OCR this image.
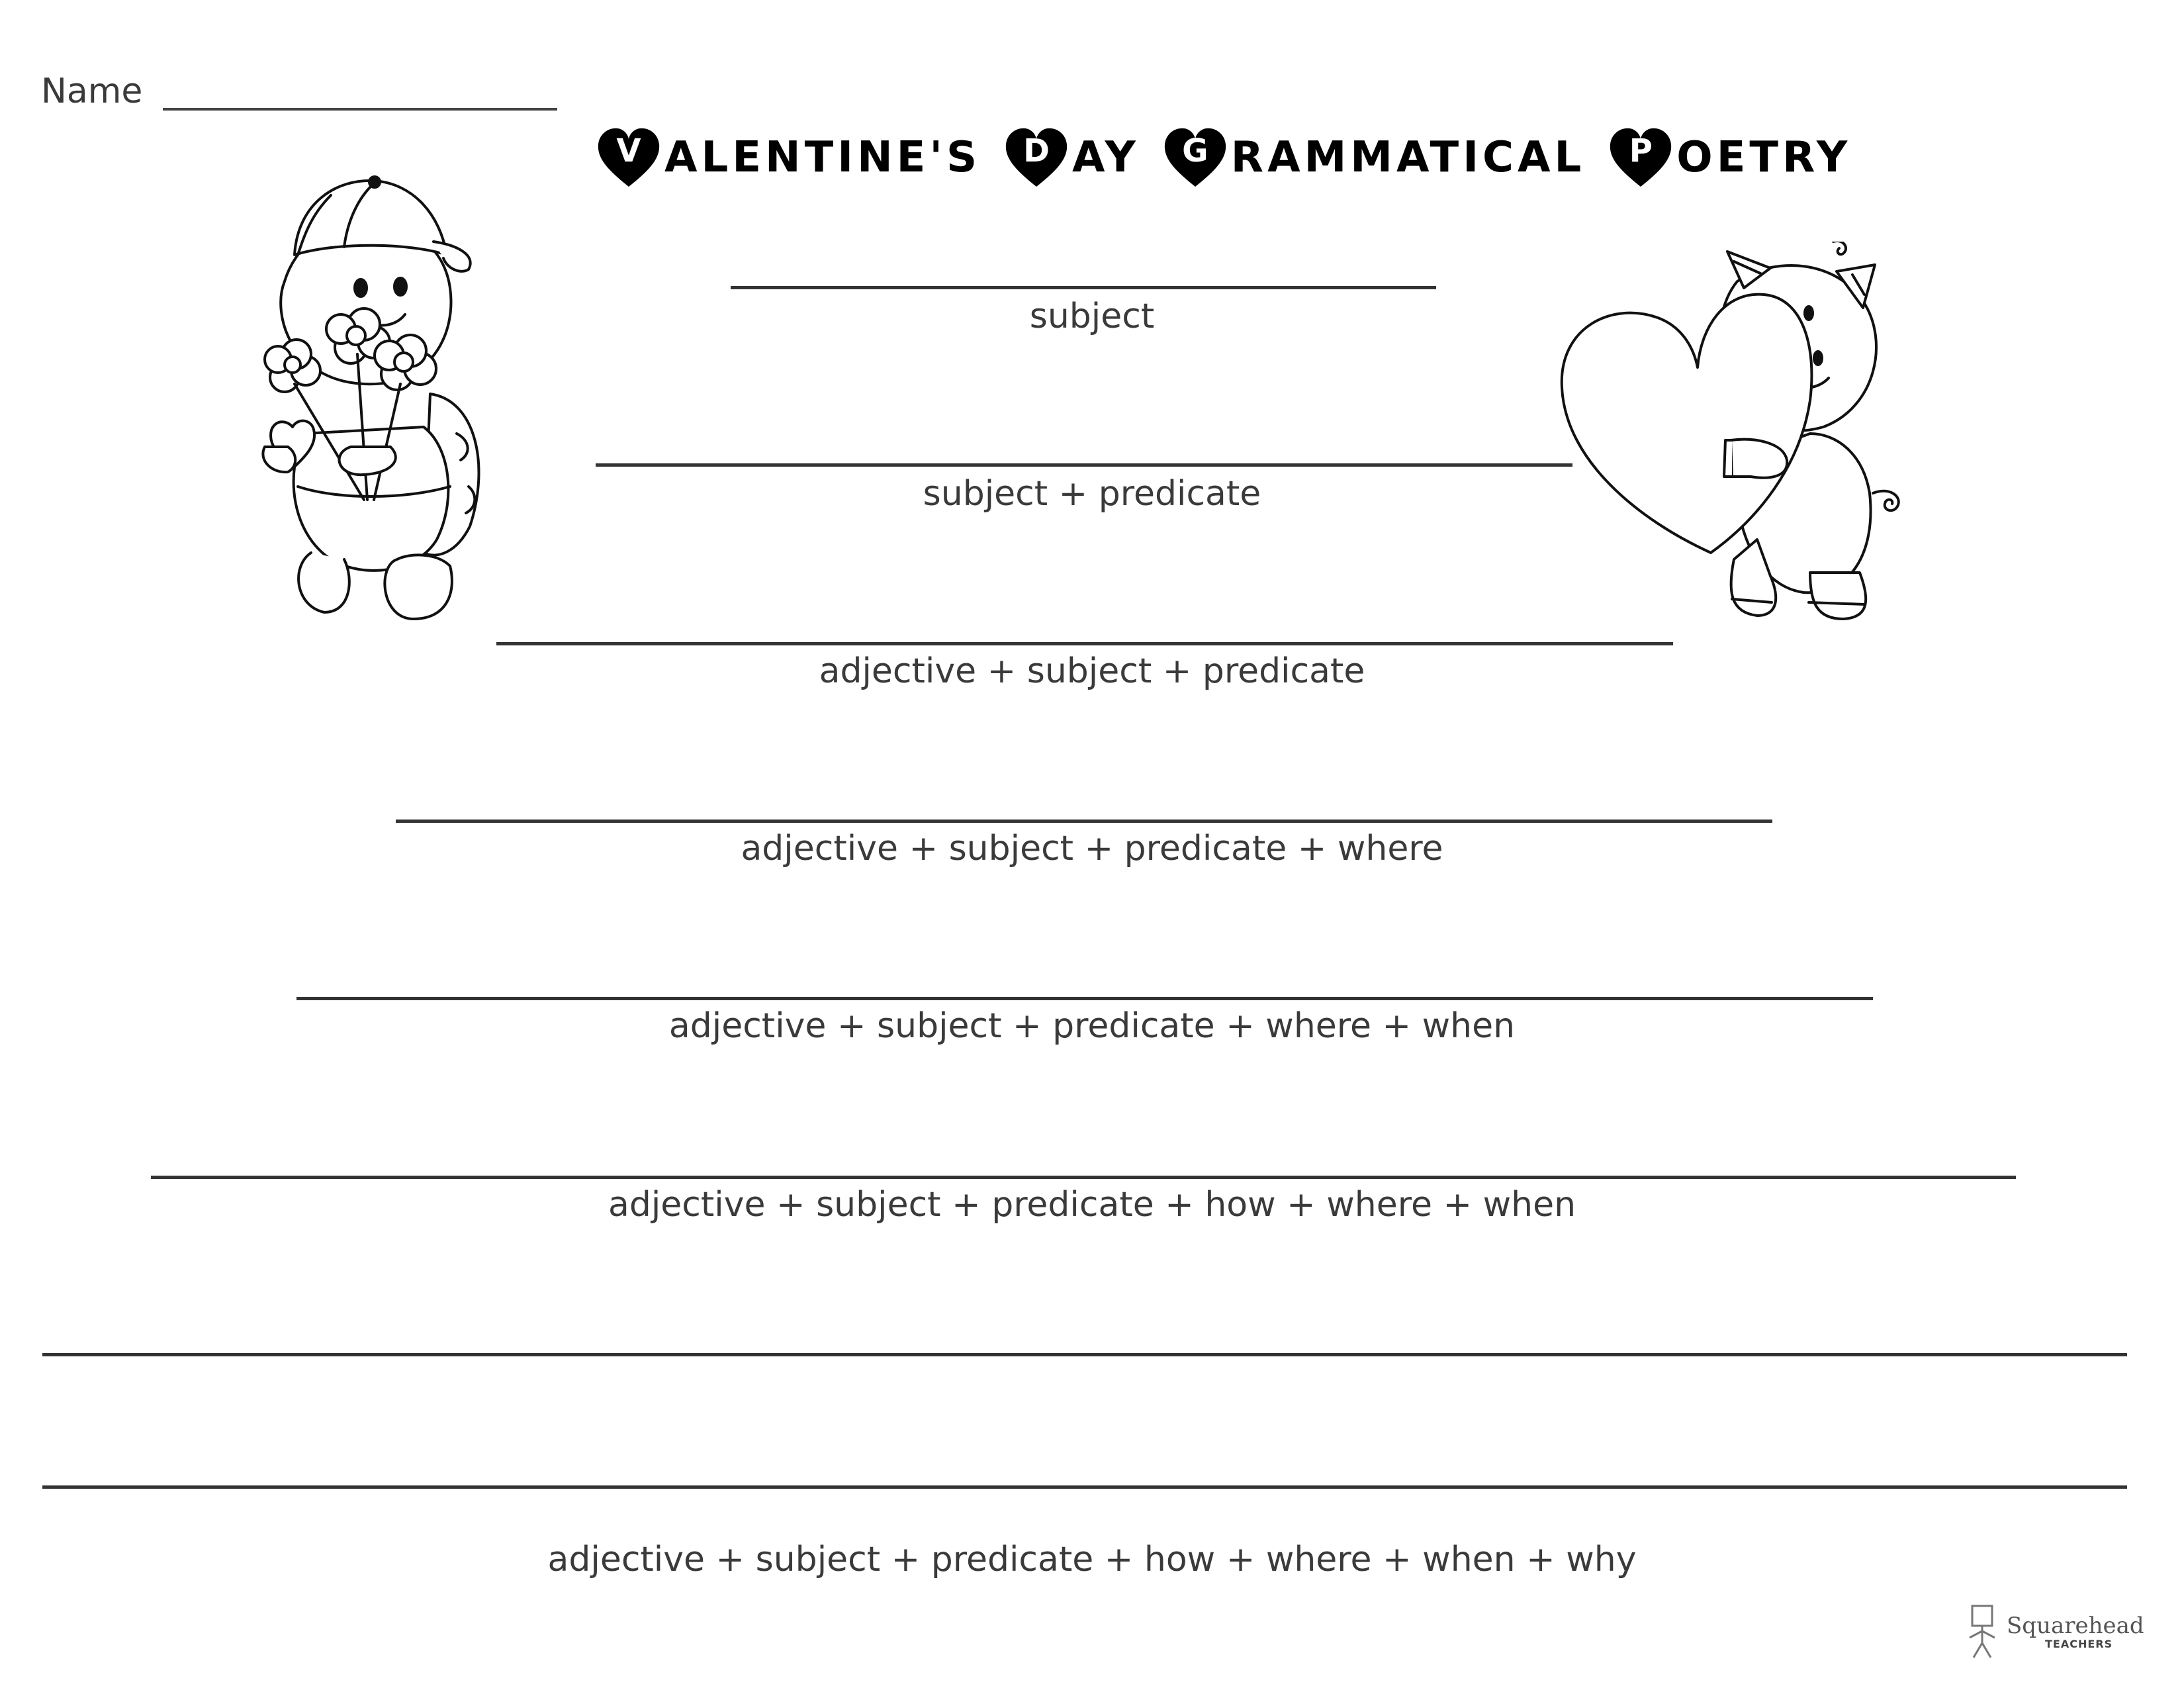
Name
V ALENTINE'S	D AY	G RAMMATICAL	P OETRY
subject
subject + predicate
adjective + subject + predicate
adjective + subject + predicate + where
adjective + subject + predicate + where + when
adjective + subject + predicate + how + where + when
adjective + subject + predicate + how + where + when + why
Squarehead
TEACHERS
